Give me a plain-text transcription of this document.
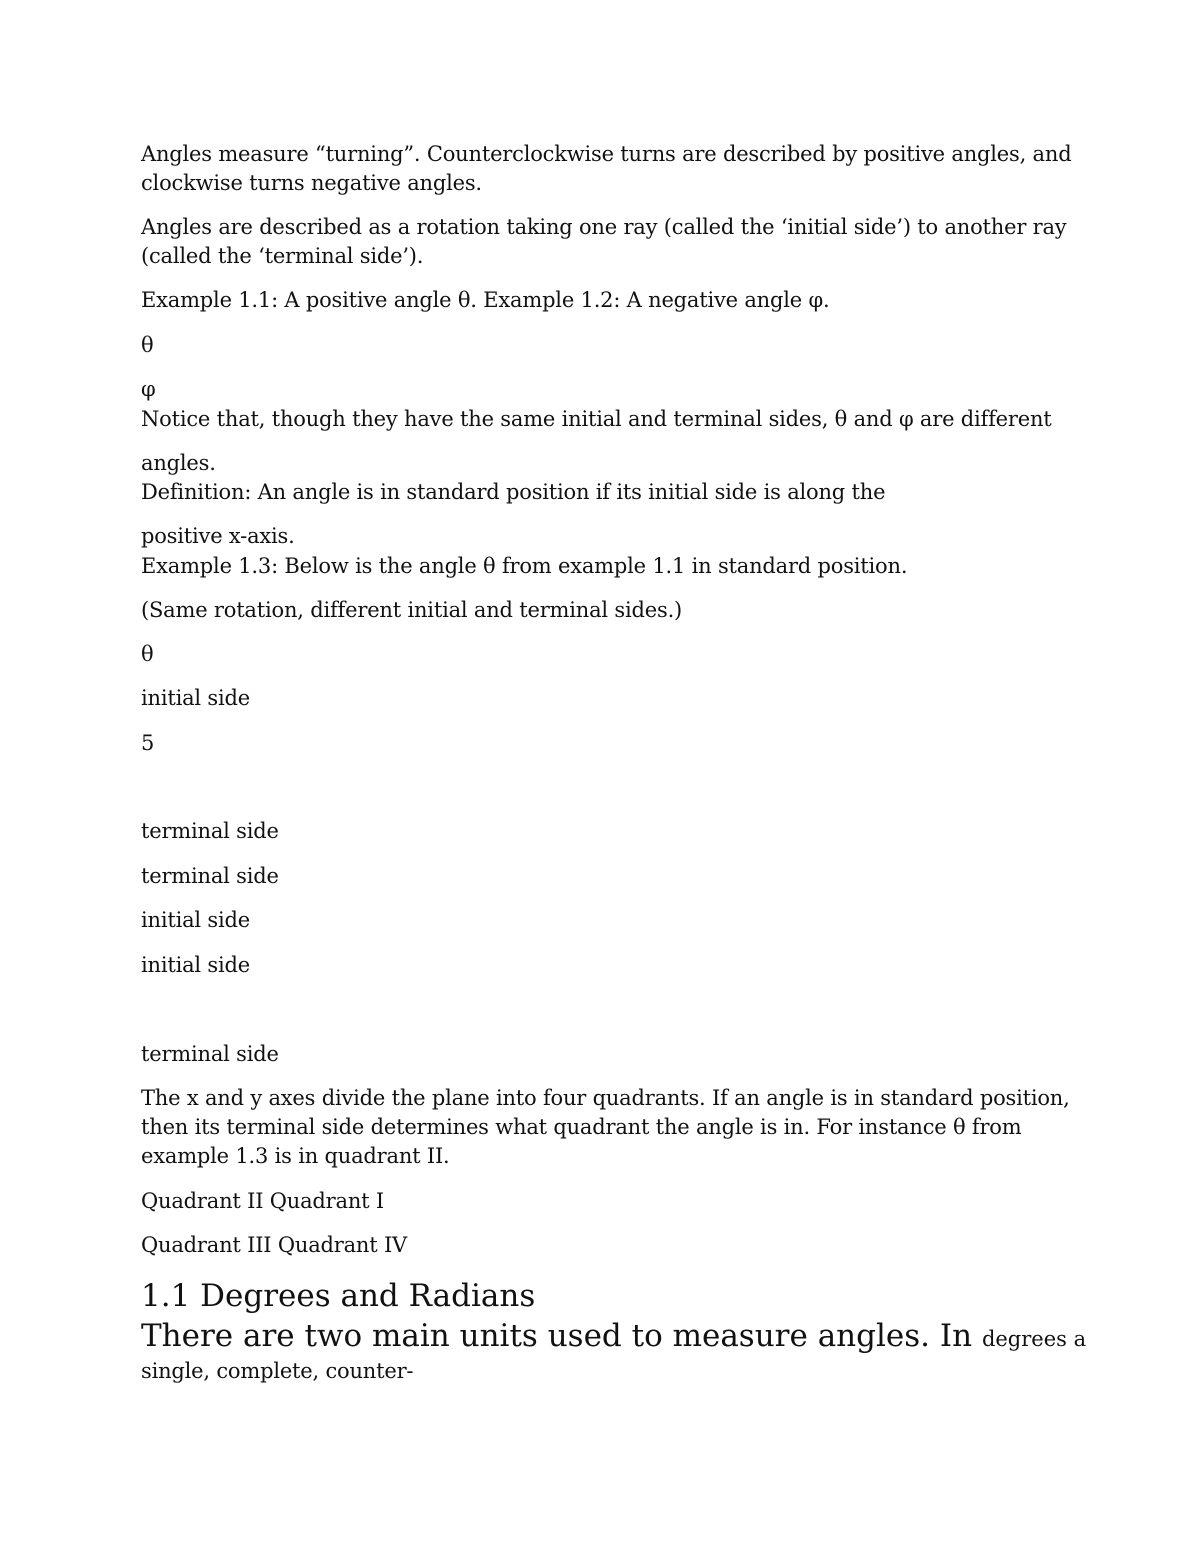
Angles measure “turning”. Counterclockwise turns are described by positive angles, and

clockwise turns negative angles.

Angles are described as a rotation taking one ray (called the ‘initial side’) to another ray

(called the ‘terminal side’).

Example 1.1: A positive angle θ. Example 1.2: A negative angle φ.

θ

φ

Notice that, though they have the same initial and terminal sides, θ and φ are different

angles.

Definition: An angle is in standard position if its initial side is along the

positive x-axis.

Example 1.3: Below is the angle θ from example 1.1 in standard position.

(Same rotation, different initial and terminal sides.)

θ

initial side

5

terminal side

terminal side

initial side

initial side

terminal side

The x and y axes divide the plane into four quadrants. If an angle is in standard position,

then its terminal side determines what quadrant the angle is in. For instance θ from

example 1.3 is in quadrant II.

Quadrant II Quadrant I

Quadrant III Quadrant IV

1.1 Degrees and Radians

There are two main units used to measure angles. In degrees a

single, complete, counter-
